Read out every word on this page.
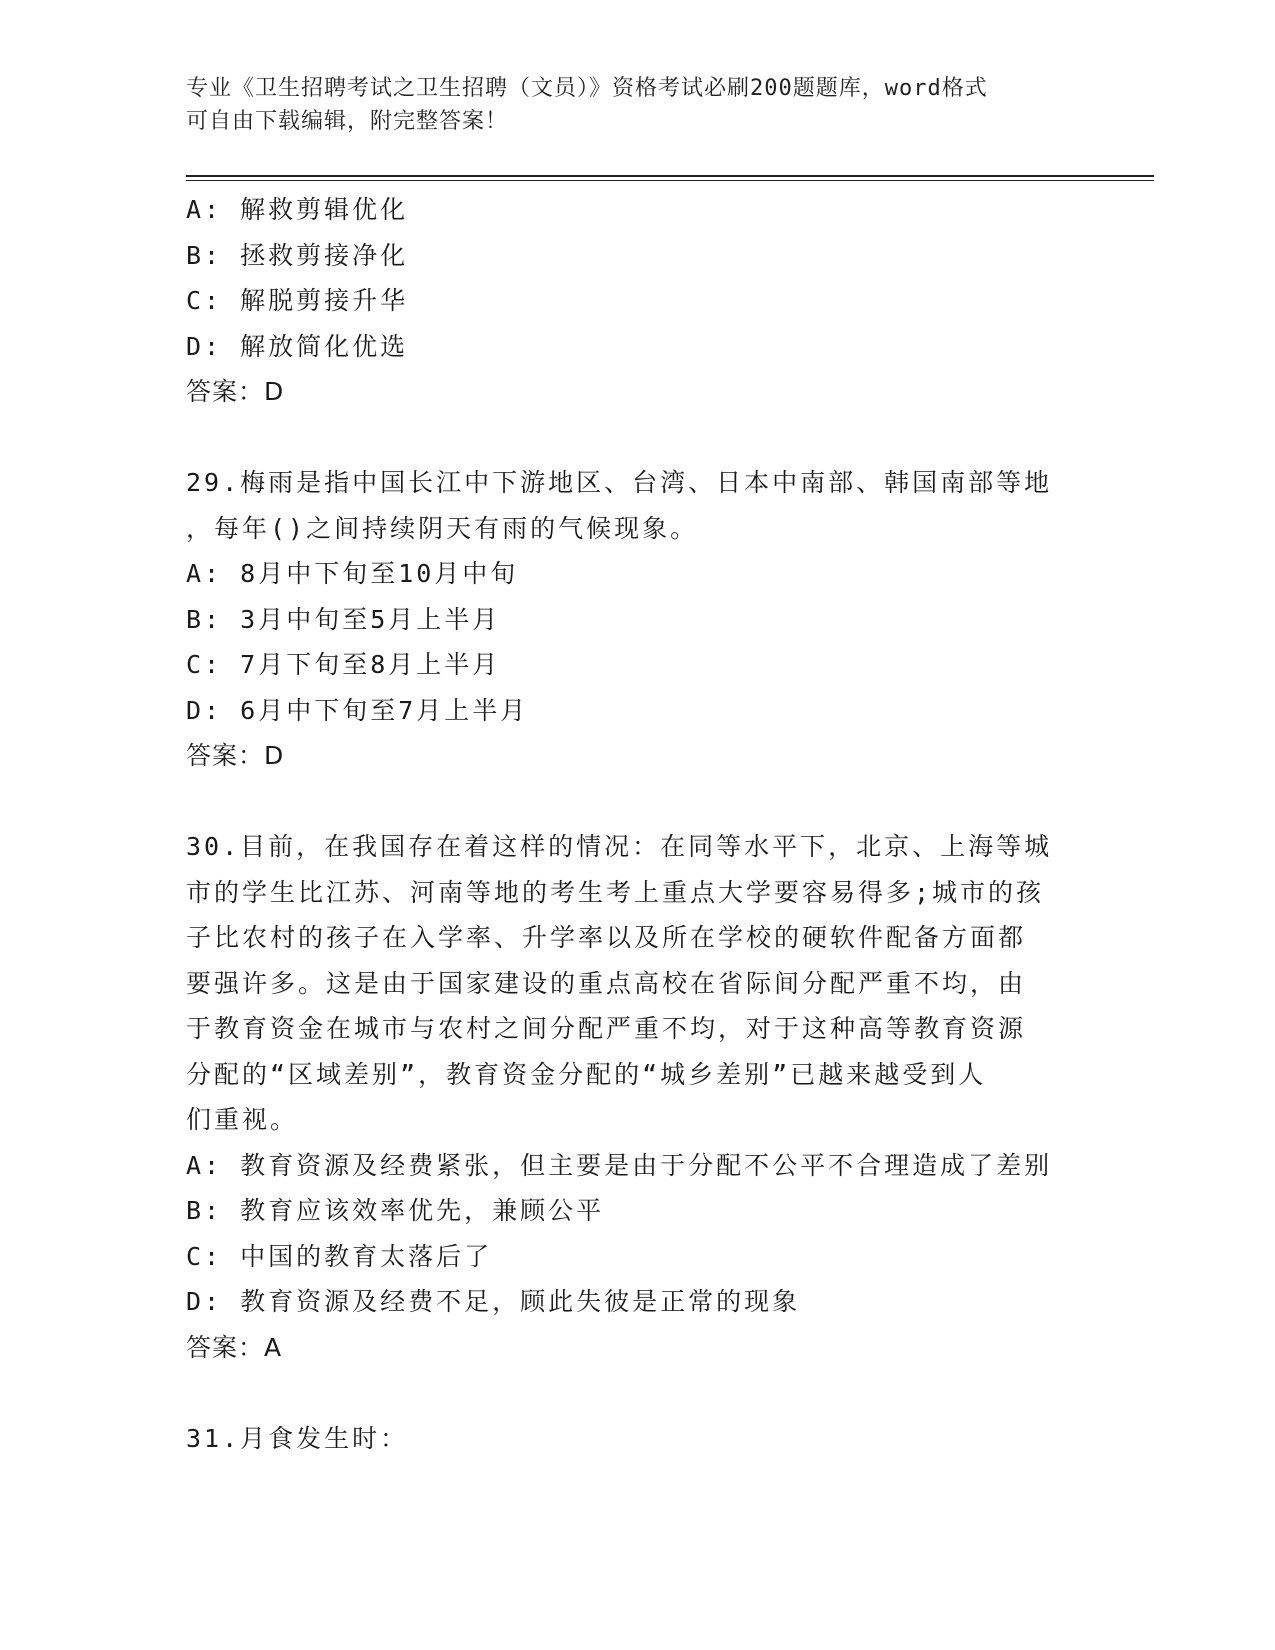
专业《卫生招聘考试之卫生招聘（文员）》资格考试必刷200题题库，word格式
可自由下载编辑，附完整答案！
A: 解救剪辑优化
B: 拯救剪接净化
C: 解脱剪接升华
D: 解放简化优选
答案：D
29.梅雨是指中国长江中下游地区、台湾、日本中南部、韩国南部等地
，每年()之间持续阴天有雨的气候现象。
A: 8月中下旬至10月中旬
B: 3月中旬至5月上半月
C: 7月下旬至8月上半月
D: 6月中下旬至7月上半月
答案：D
30.目前，在我国存在着这样的情况：在同等水平下，北京、上海等城
市的学生比江苏、河南等地的考生考上重点大学要容易得多;城市的孩
子比农村的孩子在入学率、升学率以及所在学校的硬软件配备方面都
要强许多。这是由于国家建设的重点高校在省际间分配严重不均，由
于教育资金在城市与农村之间分配严重不均，对于这种高等教育资源
分配的“区域差别”，教育资金分配的“城乡差别”已越来越受到人
们重视。
A: 教育资源及经费紧张，但主要是由于分配不公平不合理造成了差别
B: 教育应该效率优先，兼顾公平
C: 中国的教育太落后了
D: 教育资源及经费不足，顾此失彼是正常的现象
答案：A
31.月食发生时：
